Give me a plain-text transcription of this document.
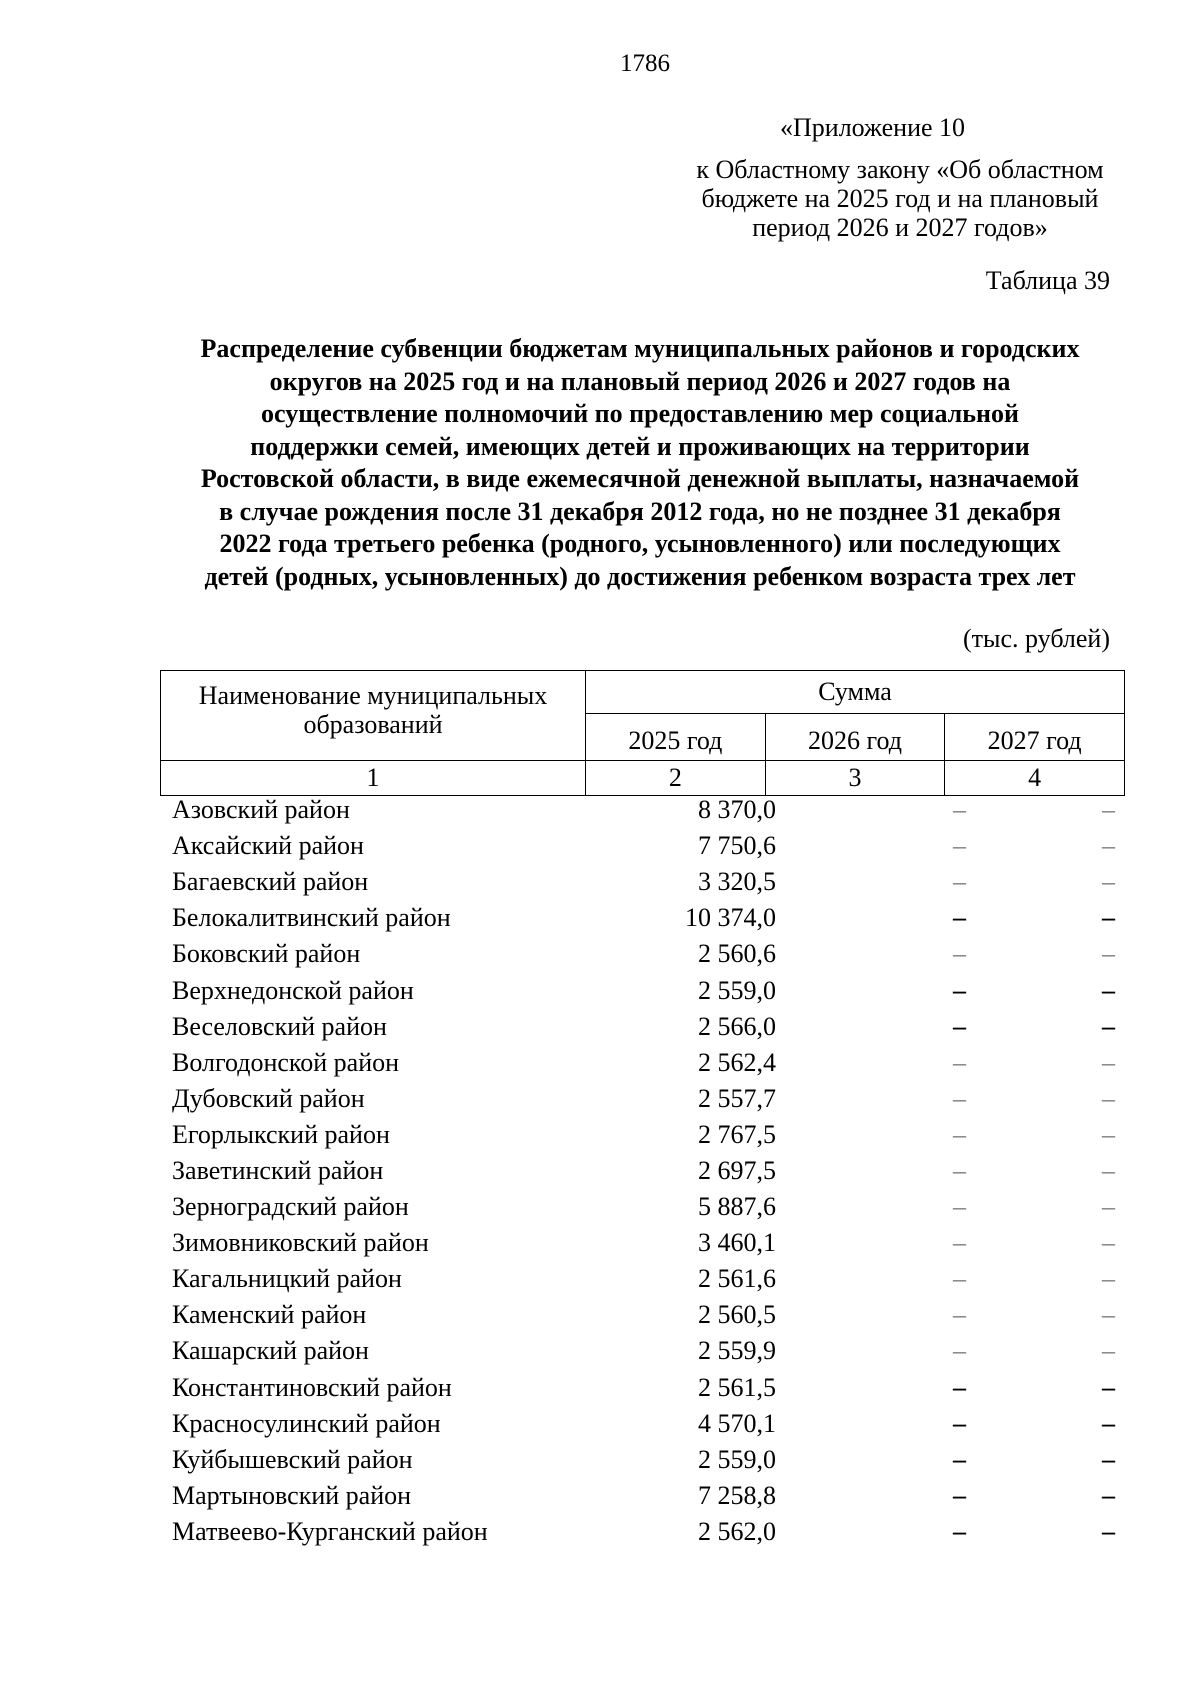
1786
«Приложение 10
к Областному закону «Об областном
бюджете на 2025 год и на плановый
период 2026 и 2027 годов»
Таблица 39
Распределение субвенции бюджетам муниципальных районов и городских
округов на 2025 год и на плановый период 2026 и 2027 годов на
осуществление полномочий по предоставлению мер социальной
поддержки семей, имеющих детей и проживающих на территории
Ростовской области, в виде ежемесячной денежной выплаты, назначаемой
в случае рождения после 31 декабря 2012 года, но не позднее 31 декабря
2022 года третьего ребенка (родного, усыновленного) или последующих
детей (родных, усыновленных) до достижения ребенком возраста трех лет
(тыс. рублей)
Наименование муниципальных
образований	Сумма		
	2025 год	2026 год	2027 год
1	2	3	4
Азовский район	8 370,0	–	–
Аксайский район	7 750,6	–	–
Багаевский район	3 320,5	–	–
Белокалитвинский район	10 374,0	–	–
Боковский район	2 560,6	–	–
Верхнедонской район	2 559,0	–	–
Веселовский район	2 566,0	–	–
Волгодонской район	2 562,4	–	–
Дубовский район	2 557,7	–	–
Егорлыкский район	2 767,5	–	–
Заветинский район	2 697,5	–	–
Зерноградский район	5 887,6	–	–
Зимовниковский район	3 460,1	–	–
Кагальницкий район	2 561,6	–	–
Каменский район	2 560,5	–	–
Кашарский район	2 559,9	–	–
Константиновский район	2 561,5	–	–
Красносулинский район	4 570,1	–	–
Куйбышевский район	2 559,0	–	–
Мартыновский район	7 258,8	–	–
Матвеево-Курганский район	2 562,0	–	–
